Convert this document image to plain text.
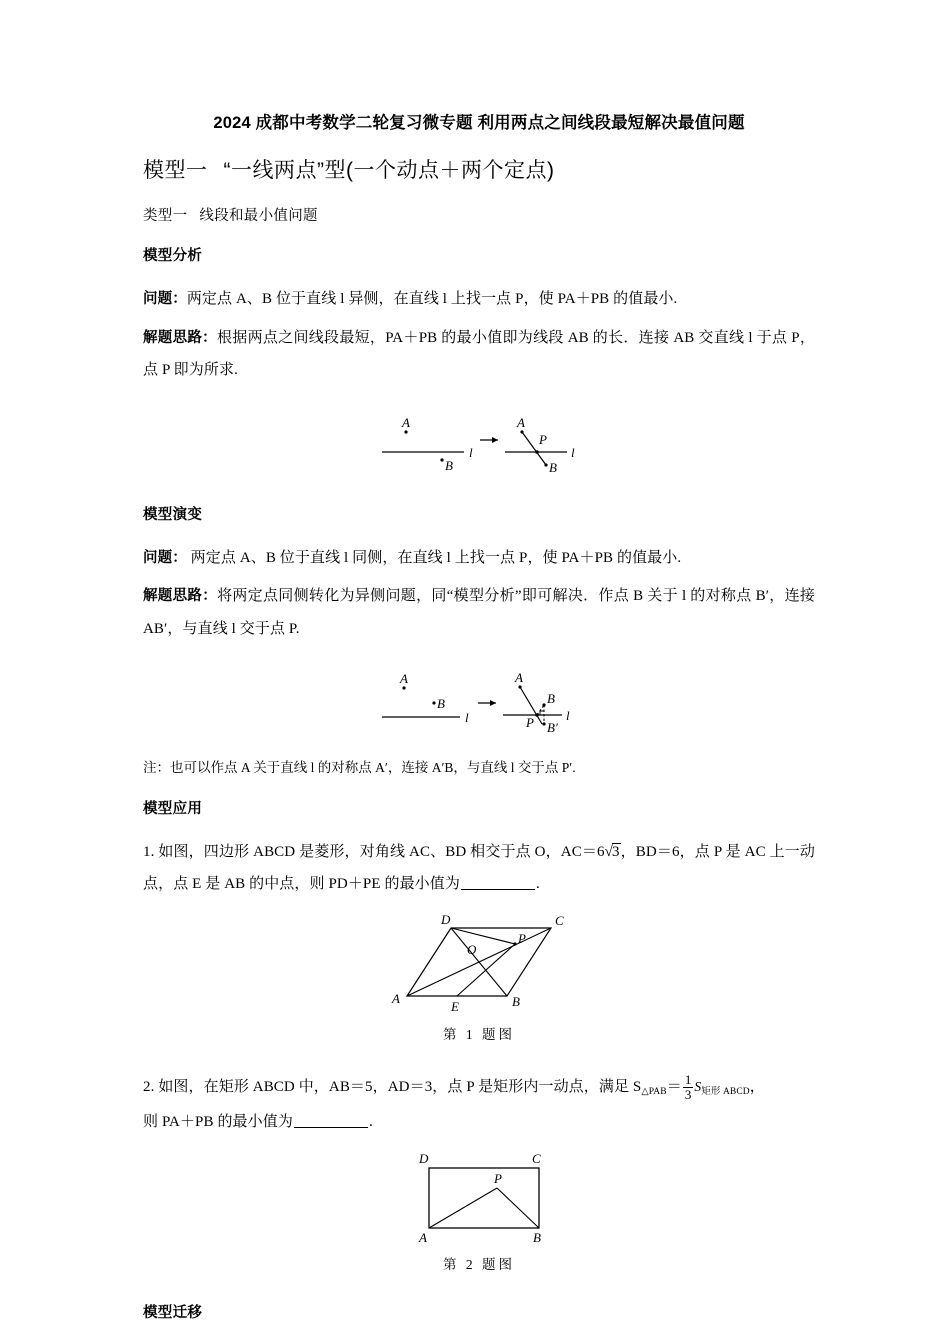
2024 成都中考数学二轮复习微专题 利用两点之间线段最短解决最值问题
模型一 “一线两点”型(一个动点＋两个定点)
类型一 线段和最小值问题
模型分析
问题：两定点 A、B 位于直线 l 异侧，在直线 l 上找一点 P，使 PA＋PB 的值最小.
解题思路：根据两点之间线段最短，PA＋PB 的最小值即为线段 AB 的长．连接 AB 交直线 l 于点 P，点 P 即为所求.
l
A
B
l
A
P
B
模型演变
问题： 两定点 A、B 位于直线 l 同侧，在直线 l 上找一点 P，使 PA＋PB 的值最小.
解题思路：将两定点同侧转化为异侧问题，同“模型分析”即可解决．作点 B 关于 l 的对称点 B′，连接 AB′，与直线 l 交于点 P.
l
A
B
l
A
P
B
B′
注：也可以作点 A 关于直线 l 的对称点 A′，连接 A′B，与直线 l 交于点 P′.
模型应用
1. 如图，四边形 ABCD 是菱形，对角线 AC、BD 相交于点 O，AC＝6√3，BD＝6，点 P 是 AC 上一动点，点 E 是 AB 的中点，则 PD＋PE 的最小值为	.
D	C
A	B
O
P
E
第 1 题图
2. 如图，在矩形 ABCD 中，AB＝5，AD＝3，点 P 是矩形内一动点，满足 $S_{\triangle PAB}= \frac{1}{3} S_{矩形 ABCD}$，
则 PA＋PB 的最小值为	.
D	C
A	B
P
第 2 题图
模型迁移
